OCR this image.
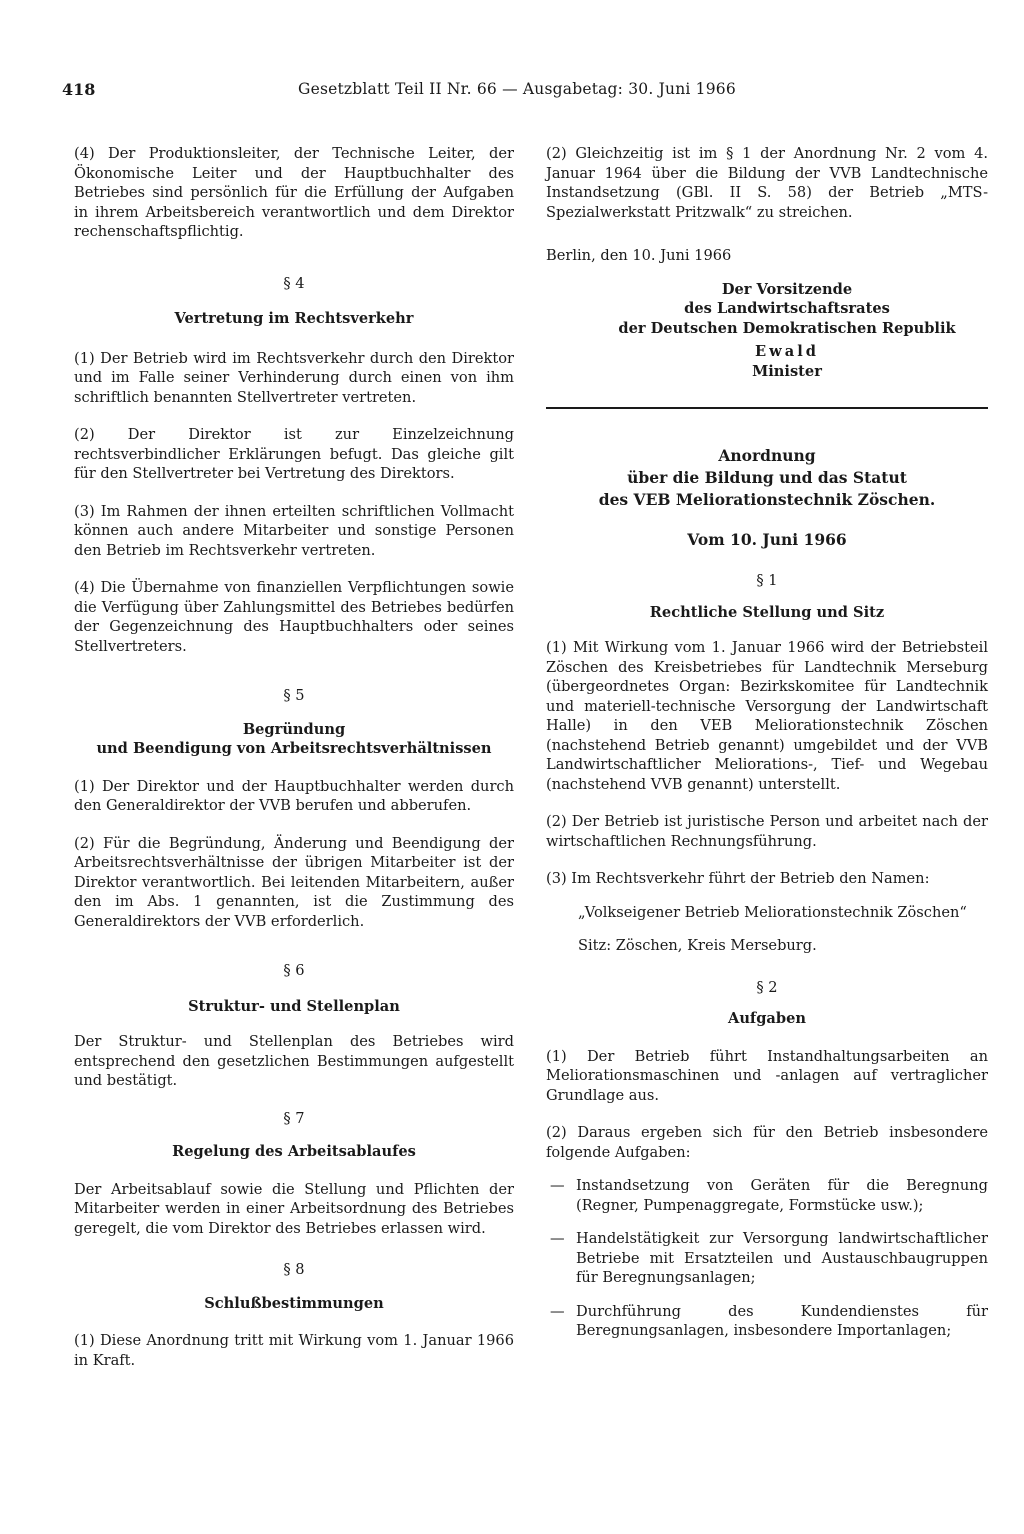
418	Gesetzblatt Teil II Nr. 66 — Ausgabetag: 30. Juni 1966

(4) Der Produktionsleiter, der Technische Leiter, der Ökonomische Leiter und der Hauptbuchhalter des Betriebes sind persönlich für die Erfüllung der Aufgaben in ihrem Arbeitsbereich verantwortlich und dem Direktor rechenschaftspflichtig.

§ 4

Vertretung im Rechtsverkehr

(1) Der Betrieb wird im Rechtsverkehr durch den Direktor und im Falle seiner Verhinderung durch einen von ihm schriftlich benannten Stellvertreter vertreten.

(2) Der Direktor ist zur Einzelzeichnung rechtsverbindlicher Erklärungen befugt. Das gleiche gilt für den Stellvertreter bei Vertretung des Direktors.

(3) Im Rahmen der ihnen erteilten schriftlichen Vollmacht können auch andere Mitarbeiter und sonstige Personen den Betrieb im Rechtsverkehr vertreten.

(4) Die Übernahme von finanziellen Verpflichtungen sowie die Verfügung über Zahlungsmittel des Betriebes bedürfen der Gegenzeichnung des Hauptbuchhalters oder seines Stellvertreters.

§ 5

Begründung

und Beendigung von Arbeitsrechtsverhältnissen

(1) Der Direktor und der Hauptbuchhalter werden durch den Generaldirektor der VVB berufen und abberufen.

(2) Für die Begründung, Änderung und Beendigung der Arbeitsrechtsverhältnisse der übrigen Mitarbeiter ist der Direktor verantwortlich. Bei leitenden Mitarbeitern, außer den im Abs. 1 genannten, ist die Zustimmung des Generaldirektors der VVB erforderlich.

§ 6

Struktur- und Stellenplan

Der Struktur- und Stellenplan des Betriebes wird entsprechend den gesetzlichen Bestimmungen aufgestellt und bestätigt.

§ 7

Regelung des Arbeitsablaufes

Der Arbeitsablauf sowie die Stellung und Pflichten der Mitarbeiter werden in einer Arbeitsordnung des Betriebes geregelt, die vom Direktor des Betriebes erlassen wird.

§ 8

Schlußbestimmungen

(1) Diese Anordnung tritt mit Wirkung vom 1. Januar 1966 in Kraft.

(2) Gleichzeitig ist im § 1 der Anordnung Nr. 2 vom 4. Januar 1964 über die Bildung der VVB Landtechnische Instandsetzung (GBl. II S. 58) der Betrieb „MTS-Spezialwerkstatt Pritzwalk“ zu streichen.

Berlin, den 10. Juni 1966

Der Vorsitzende

des Landwirtschaftsrates

der Deutschen Demokratischen Republik

Ewald

Minister

Anordnung

über die Bildung und das Statut

des VEB Meliorationstechnik Zöschen.

Vom 10. Juni 1966

§ 1

Rechtliche Stellung und Sitz

(1) Mit Wirkung vom 1. Januar 1966 wird der Betriebsteil Zöschen des Kreisbetriebes für Landtechnik Merseburg (übergeordnetes Organ: Bezirkskomitee für Landtechnik und materiell-technische Versorgung der Landwirtschaft Halle) in den VEB Meliorationstechnik Zöschen (nachstehend Betrieb genannt) umgebildet und der VVB Landwirtschaftlicher Meliorations-, Tief- und Wegebau (nachstehend VVB genannt) unterstellt.

(2) Der Betrieb ist juristische Person und arbeitet nach der wirtschaftlichen Rechnungsführung.

(3) Im Rechtsverkehr führt der Betrieb den Namen:

„Volkseigener Betrieb Meliorationstechnik Zöschen“

Sitz: Zöschen, Kreis Merseburg.

§ 2

Aufgaben

(1) Der Betrieb führt Instandhaltungsarbeiten an Meliorationsmaschinen und -anlagen auf vertraglicher Grundlage aus.

(2) Daraus ergeben sich für den Betrieb insbesondere folgende Aufgaben:

— Instandsetzung von Geräten für die Beregnung (Regner, Pumpenaggregate, Formstücke usw.);

— Handelstätigkeit zur Versorgung landwirtschaftlicher Betriebe mit Ersatzteilen und Austauschbaugruppen für Beregnungsanlagen;

— Durchführung des Kundendienstes für Beregnungsanlagen, insbesondere Importanlagen;
